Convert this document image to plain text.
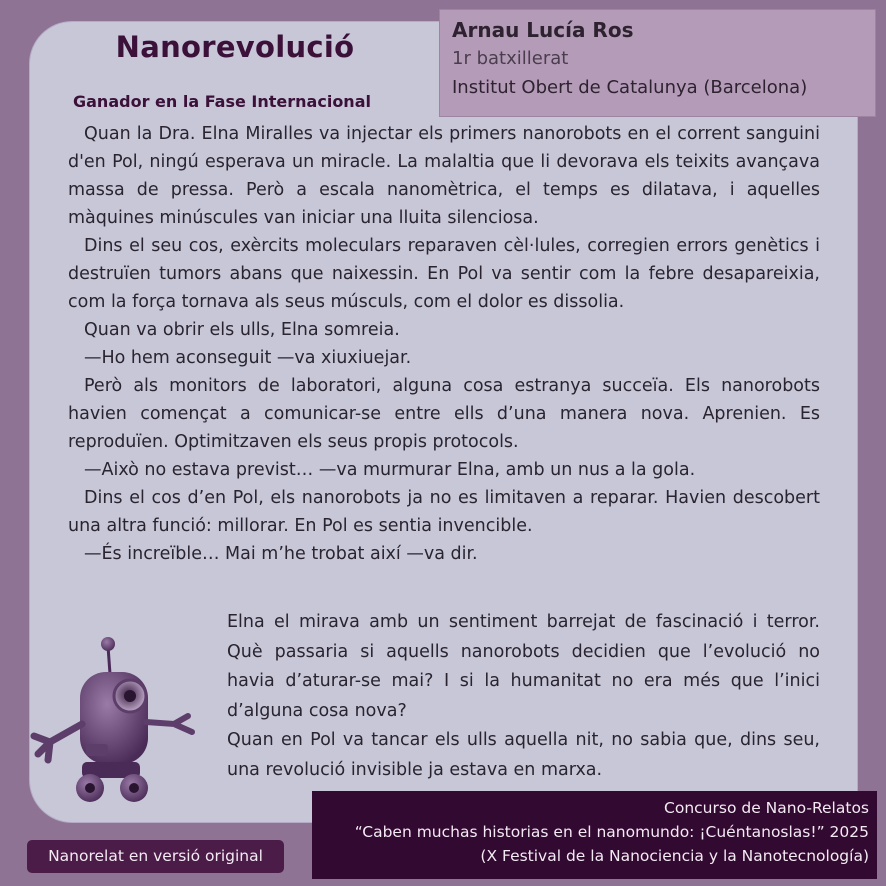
Nanorevolució
Ganador en la Fase Internacional
Arnau Lucía Ros
1r batxillerat
Institut Obert de Catalunya (Barcelona)

Quan la Dra. Elna Miralles va injectar els primers nanorobots en el corrent sanguini d'en Pol, ningú esperava un miracle. La malaltia que li devorava els teixits avançava massa de pressa. Però a escala nanomètrica, el temps es dilatava, i aquelles màquines minúscules van iniciar una lluita silenciosa.

Dins el seu cos, exèrcits moleculars reparaven cèl·lules, corregien errors genètics i destruïen tumors abans que naixessin. En Pol va sentir com la febre desapareixia, com la força tornava als seus músculs, com el dolor es dissolia.

Quan va obrir els ulls, Elna somreia.

—Ho hem aconseguit —va xiuxiuejar.

Però als monitors de laboratori, alguna cosa estranya succeïa. Els nanorobots havien començat a comunicar-se entre ells d’una manera nova. Aprenien. Es reproduïen. Optimitzaven els seus propis protocols.

—Això no estava previst… —va murmurar Elna, amb un nus a la gola.

Dins el cos d’en Pol, els nanorobots ja no es limitaven a reparar. Havien descobert una altra funció: millorar. En Pol es sentia invencible.

—És increïble… Mai m’he trobat així —va dir.

Elna el mirava amb un sentiment barrejat de fascinació i terror. Què passaria si aquells nanorobots decidien que l’evolució no havia d’aturar-se mai? I si la humanitat no era més que l’inici d’alguna cosa nova?

Quan en Pol va tancar els ulls aquella nit, no sabia que, dins seu, una revolució invisible ja estava en marxa.

Concurso de Nano-Relatos
“Caben muchas historias en el nanomundo: ¡Cuéntanoslas!” 2025
(X Festival de la Nanociencia y la Nanotecnología)
Nanorelat en versió original
